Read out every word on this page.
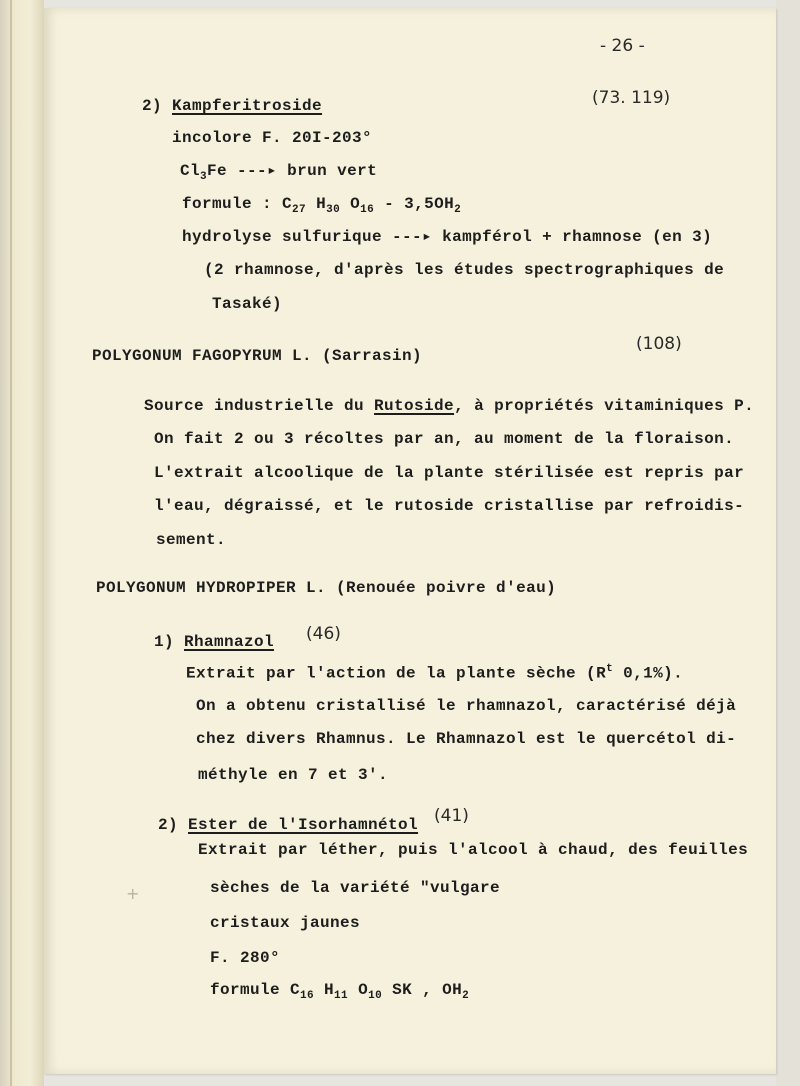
- 26 -
2) Kampferitroside	(73. 119)
incolore F. 20I-203°
$Cl_3Fe$ ---▸ brun vert
formule : $C_{27}$ $H_{30}$ $O_{16} - 3,5OH_2$
hydrolyse sulfurique ---▸ kampférol + rhamnose (en 3)
(2 rhamnose, d'après les études spectrographiques de
Tasaké)
POLYGONUM FAGOPYRUM L. (Sarrasin)
(108)
Source industrielle du Rutoside, à propriétés vitaminiques P.
On fait 2 ou 3 récoltes par an, au moment de la floraison.
L'extrait alcoolique de la plante stérilisée est repris par
l'eau, dégraissé, et le rutoside cristallise par refroidis-
sement.
POLYGONUM HYDROPIPER L. (Renouée poivre d'eau)
1) Rhamnazol (46)
Extrait par l'action de la plante sèche ($R^t$ 0,1%).
On a obtenu cristallisé le rhamnazol, caractérisé déjà
chez divers Rhamnus. Le Rhamnazol est le quercétol di-
méthyle en 7 et 3'.
2) Ester de l'Isorhamnétol (41)
Extrait par léther, puis l'alcool à chaud, des feuilles
sèches de la variété "vulgare
cristaux jaunes
F. 280°
formule $C_{16}$ $H_{11}$ $O_{10}$ SK , $OH_2$
+
